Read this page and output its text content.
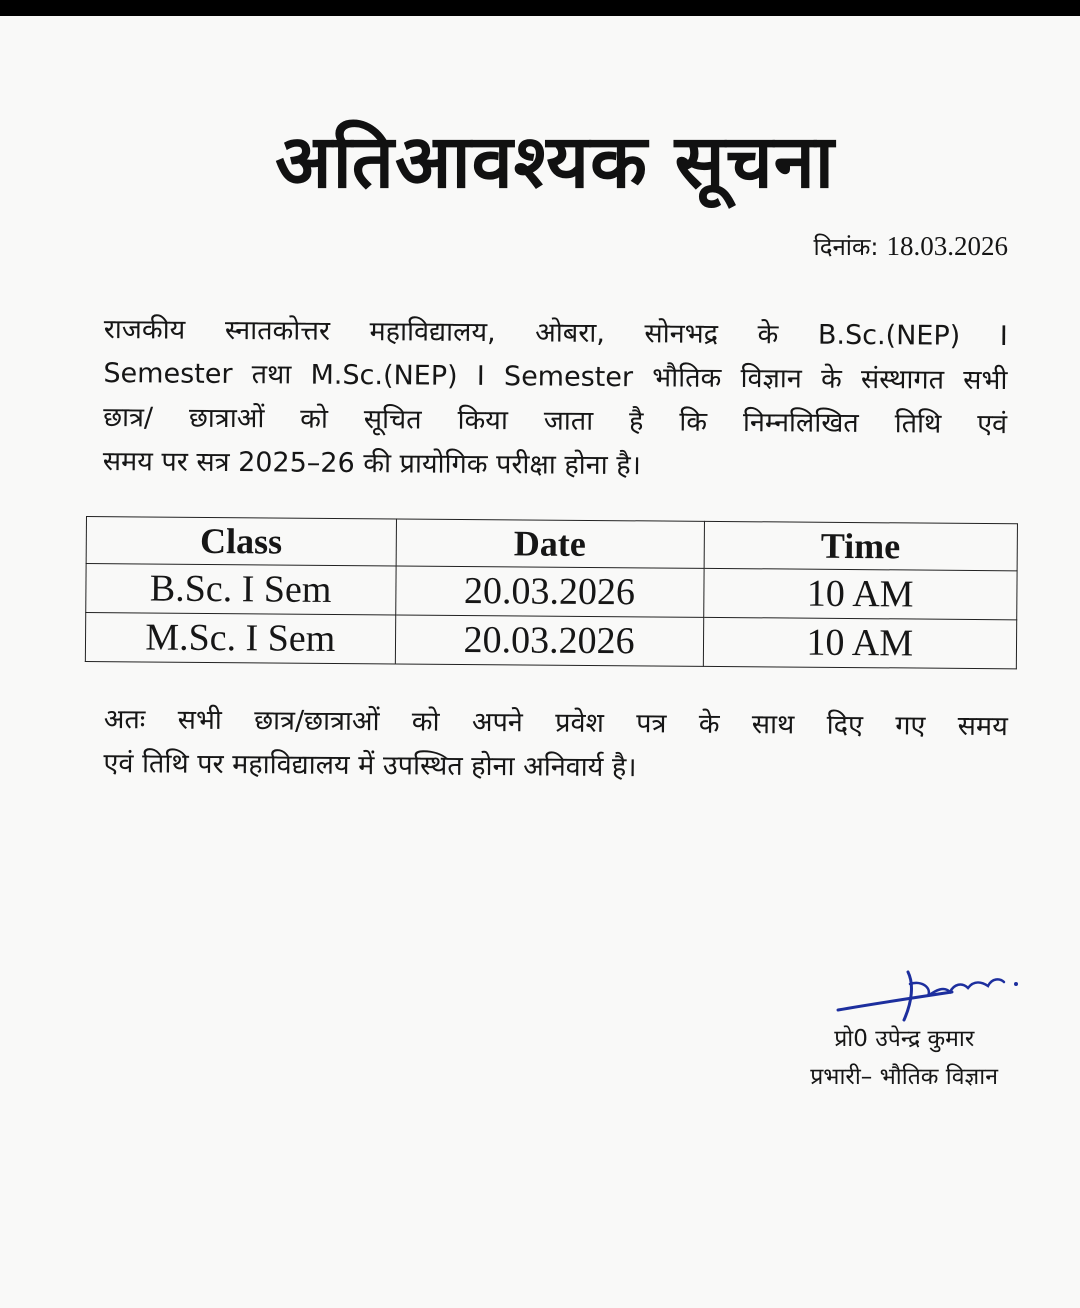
अतिआवश्यक सूचना
दिनांक: 18.03.2026
राजकीय स्नातकोत्तर महाविद्यालय, ओबरा, सोनभद्र के B.Sc.(NEP) I
Semester तथा M.Sc.(NEP) I Semester भौतिक विज्ञान के संस्थागत सभी
छात्र/ छात्राओं को सूचित किया जाता है कि निम्नलिखित तिथि एवं
समय पर सत्र 2025–26 की प्रायोगिक परीक्षा होना है।
Class	Date	Time
B.Sc. I Sem	20.03.2026	10 AM
M.Sc. I Sem	20.03.2026	10 AM
अतः सभी छात्र/छात्राओं को अपने प्रवेश पत्र के साथ दिए गए समय
एवं तिथि पर महाविद्यालय में उपस्थित होना अनिवार्य है।
प्रो0 उपेन्द्र कुमार
प्रभारी– भौतिक विज्ञान
